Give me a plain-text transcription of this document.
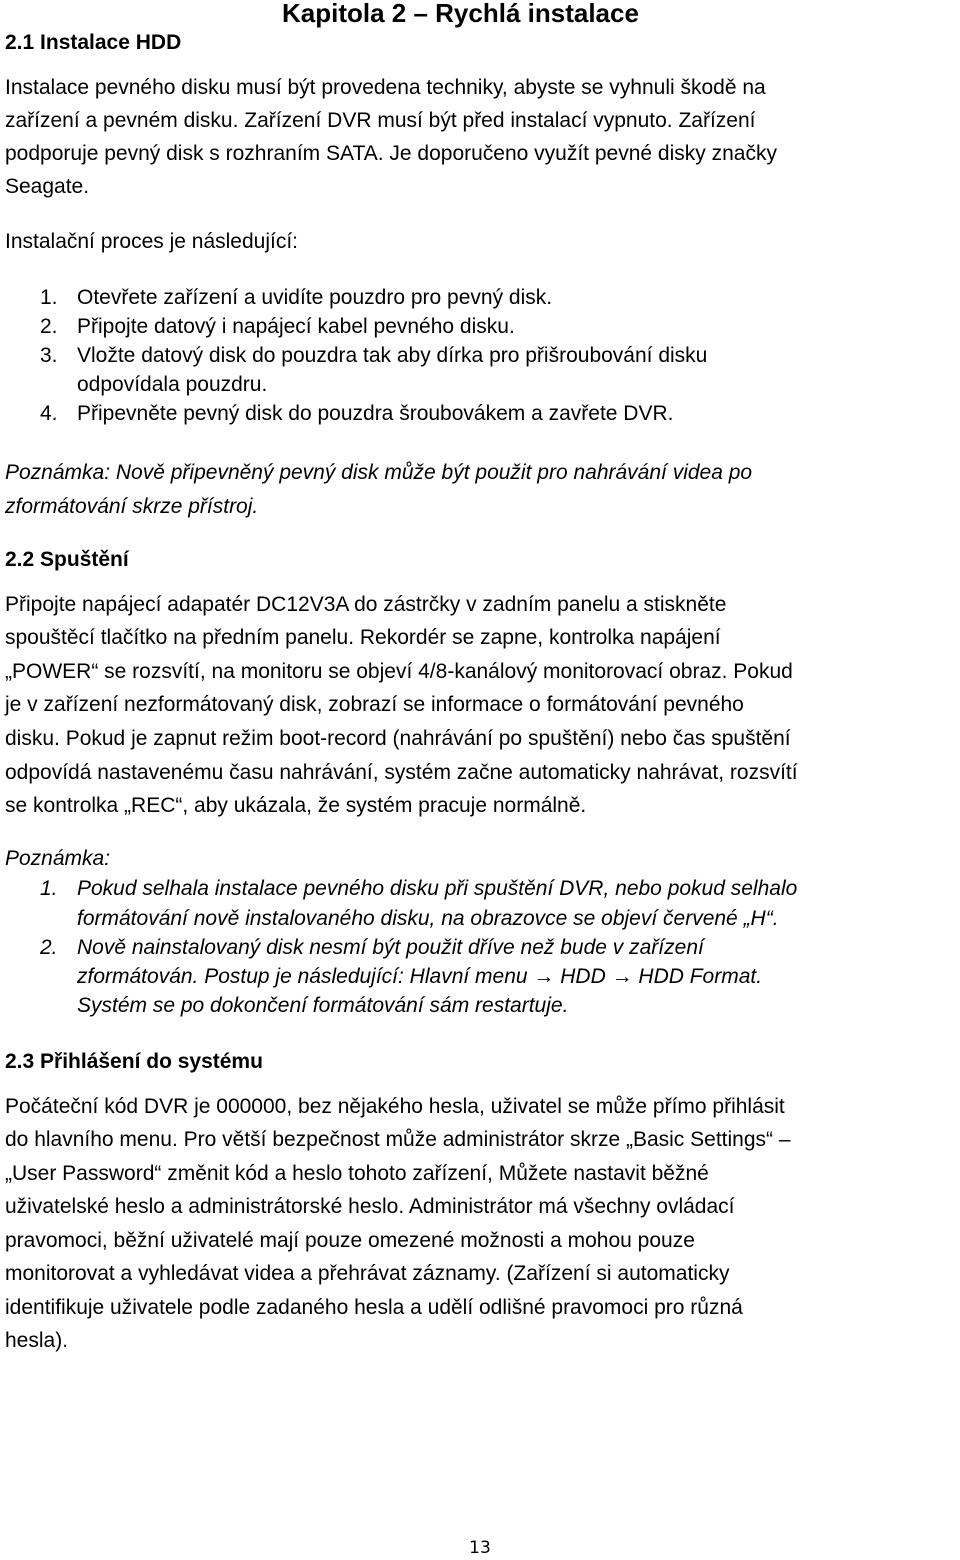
Kapitola 2 – Rychlá instalace
2.1 Instalace HDD
Instalace pevného disku musí být provedena techniky, abyste se vyhnuli škodě na
zařízení a pevném disku. Zařízení DVR musí být před instalací vypnuto. Zařízení
podporuje pevný disk s rozhraním SATA. Je doporučeno využít pevné disky značky
Seagate.
Instalační proces je následující:
1. Otevřete zařízení a uvidíte pouzdro pro pevný disk.
2. Připojte datový i napájecí kabel pevného disku.
3. Vložte datový disk do pouzdra tak aby dírka pro přišroubování disku
odpovídala pouzdru.
4. Připevněte pevný disk do pouzdra šroubovákem a zavřete DVR.
Poznámka: Nově připevněný pevný disk může být použit pro nahrávání videa po
zformátování skrze přístroj.
2.2 Spuštění
Připojte napájecí adapatér DC12V3A do zástrčky v zadním panelu a stiskněte
spouštěcí tlačítko na předním panelu. Rekordér se zapne, kontrolka napájení
„POWER“ se rozsvítí, na monitoru se objeví 4/8-kanálový monitorovací obraz. Pokud
je v zařízení nezformátovaný disk, zobrazí se informace o formátování pevného
disku. Pokud je zapnut režim boot-record (nahrávání po spuštění) nebo čas spuštění
odpovídá nastavenému času nahrávání, systém začne automaticky nahrávat, rozsvítí
se kontrolka „REC“, aby ukázala, že systém pracuje normálně.
Poznámka:
1. Pokud selhala instalace pevného disku při spuštění DVR, nebo pokud selhalo
formátování nově instalovaného disku, na obrazovce se objeví červené „H“.
2. Nově nainstalovaný disk nesmí být použit dříve než bude v zařízení
zformátován. Postup je následující: Hlavní menu → HDD → HDD Format.
Systém se po dokončení formátování sám restartuje.
2.3 Přihlášení do systému
Počáteční kód DVR je 000000, bez nějakého hesla, uživatel se může přímo přihlásit
do hlavního menu. Pro větší bezpečnost může administrátor skrze „Basic Settings“ –
„User Password“ změnit kód a heslo tohoto zařízení, Můžete nastavit běžné
uživatelské heslo a administrátorské heslo. Administrátor má všechny ovládací
pravomoci, běžní uživatelé mají pouze omezené možnosti a mohou pouze
monitorovat a vyhledávat videa a přehrávat záznamy. (Zařízení si automaticky
identifikuje uživatele podle zadaného hesla a udělí odlišné pravomoci pro různá
hesla).
13
